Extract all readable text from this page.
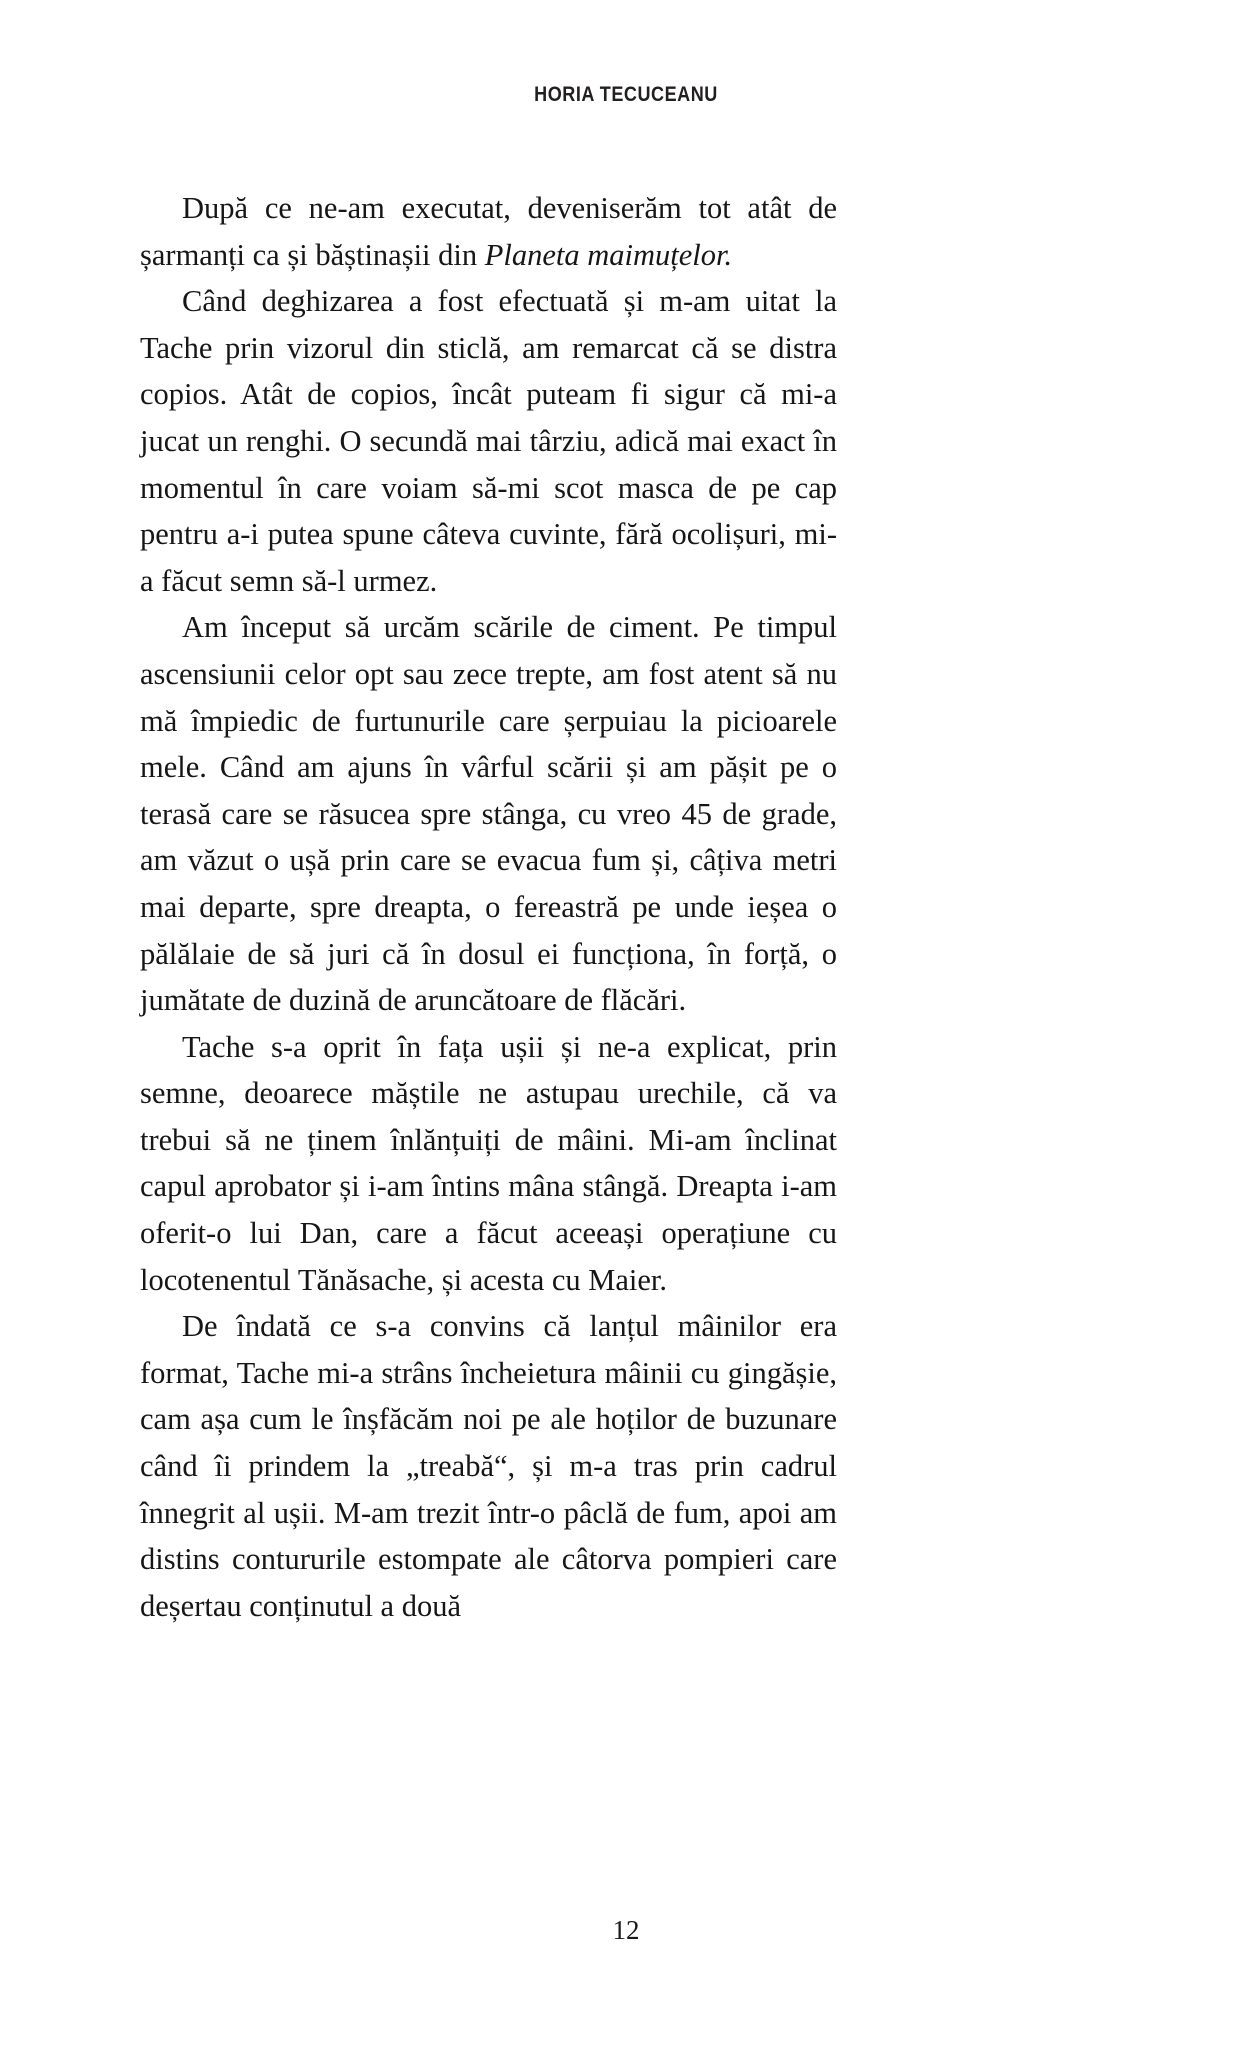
HORIA TECUCEANU

După ce ne-am executat, deveniserăm tot atât de șarmanți ca și băștinașii din Planeta maimuțelor.

Când deghizarea a fost efectuată și m-am uitat la Tache prin vizorul din sticlă, am remarcat că se distra copios. Atât de copios, încât puteam fi sigur că mi-a jucat un renghi. O secundă mai târziu, adică mai exact în momentul în care voiam să-mi scot masca de pe cap pentru a-i putea spune câteva cuvinte, fără ocolișuri, mi-a făcut semn să-l urmez.

Am început să urcăm scările de ciment. Pe timpul ascensiunii celor opt sau zece trepte, am fost atent să nu mă împiedic de furtunurile care șerpuiau la picioarele mele. Când am ajuns în vârful scării și am pășit pe o terasă care se răsucea spre stânga, cu vreo 45 de grade, am văzut o ușă prin care se evacua fum și, câțiva metri mai departe, spre dreapta, o fereastră pe unde ieșea o pălălaie de să juri că în dosul ei funcționa, în forță, o jumătate de duzină de aruncătoare de flăcări.

Tache s-a oprit în fața ușii și ne-a explicat, prin semne, deoarece măștile ne astupau urechile, că va trebui să ne ținem înlănțuiți de mâini. Mi-am înclinat capul aprobator și i-am întins mâna stângă. Dreapta i-am oferit-o lui Dan, care a făcut aceeași operațiune cu locotenentul Tănăsache, și acesta cu Maier.

De îndată ce s-a convins că lanțul mâinilor era format, Tache mi-a strâns încheietura mâinii cu gingășie, cam așa cum le înșfăcăm noi pe ale hoților de buzunare când îi prindem la „treabă“, și m-a tras prin cadrul înnegrit al ușii. M-am trezit într-o pâclă de fum, apoi am distins contururile estompate ale câtorva pompieri care deșertau conținutul a două

12
